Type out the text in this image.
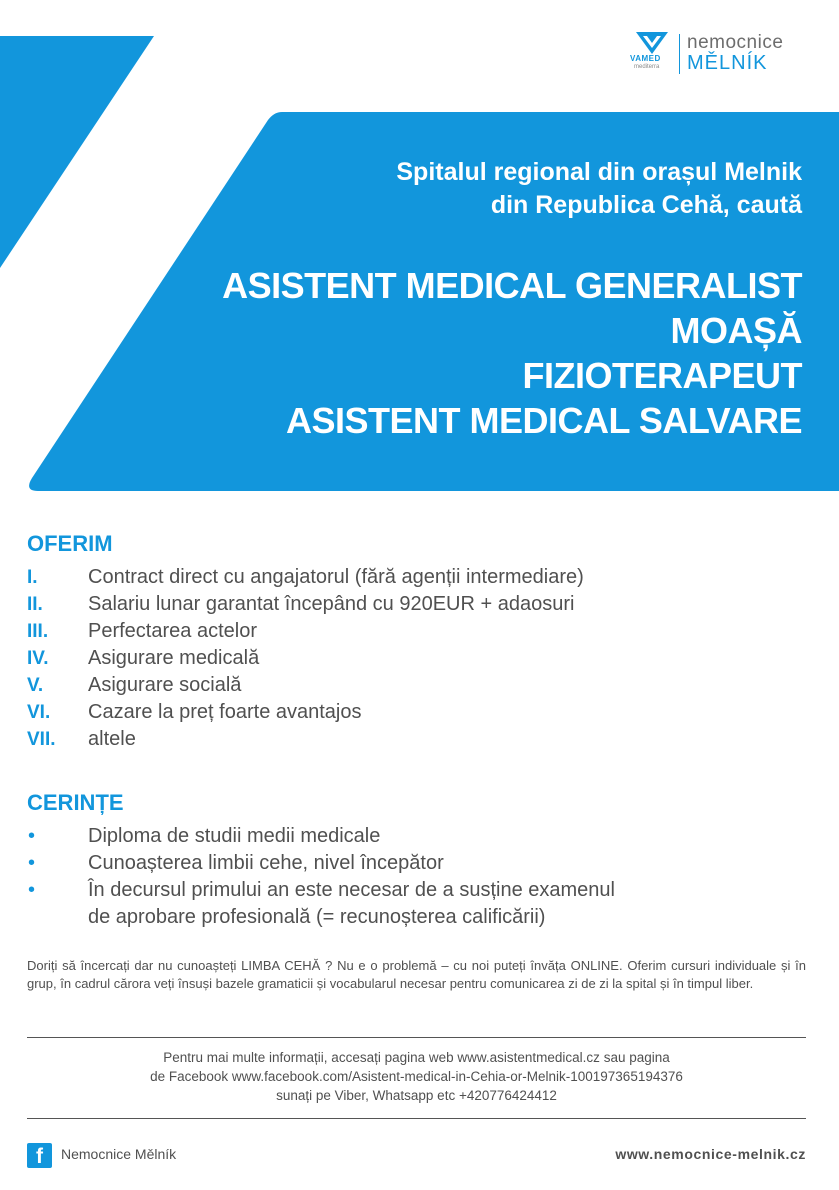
VAMED
mediterra
nemocnice
MĚLNÍK
Spitalul regional din orașul Melnik
din Republica Cehă, caută
ASISTENT MEDICAL GENERALIST
MOAȘĂ
FIZIOTERAPEUT
ASISTENT MEDICAL SALVARE
OFERIM
I.	Contract direct cu angajatorul (fără agenții intermediare)
II. Salariu lunar garantat începând cu 920EUR + adaosuri
III. Perfectarea actelor
IV. Asigurare medicală
V. Asigurare socială
VI. Cazare la preț foarte avantajos
VII. altele
CERINȚE
•	Diploma de studii medii medicale
•	Cunoașterea limbii cehe, nivel începător
•	În decursul primului an este necesar de a susține examenul
de aprobare profesională (= recunoșterea calificării)
Doriți să încercați dar nu cunoașteți LIMBA CEHĂ ? Nu e o problemă – cu noi puteți învăța ONLINE. Oferim cursuri individuale și în grup, în cadrul cărora veți însuși bazele gramaticii și vocabularul necesar pentru comunicarea zi de zi la spital și în timpul liber.
Pentru mai multe informații, accesați pagina web www.asistentmedical.cz sau pagina
de Facebook www.facebook.com/Asistent-medical-in-Cehia-or-Melnik-100197365194376
sunați pe Viber, Whatsapp etc +420776424412
f Nemocnice Mělník	www.nemocnice-melnik.cz
